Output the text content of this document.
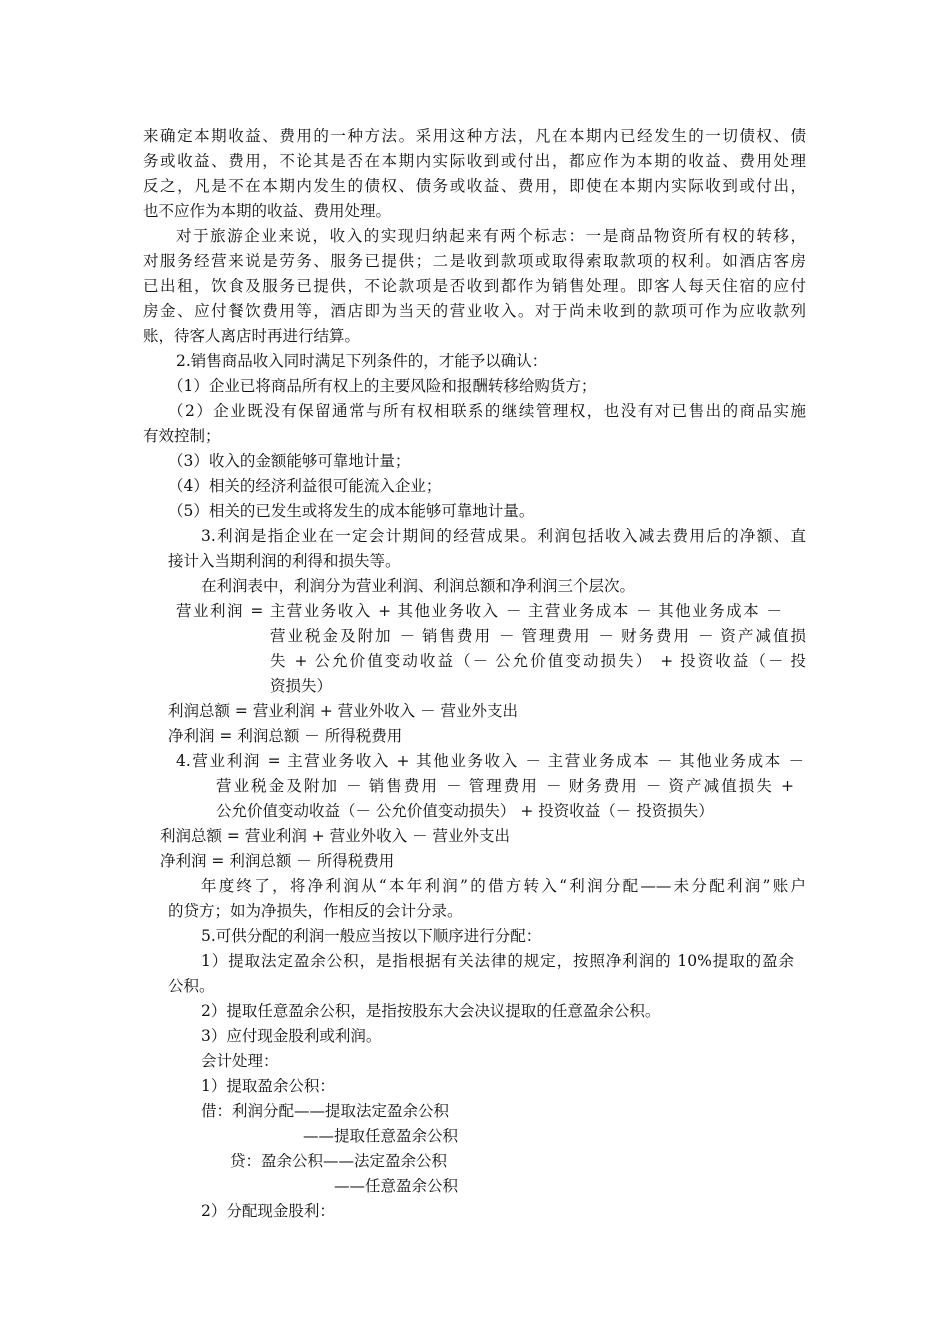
来确定本期收益、费用的一种方法。采用这种方法，凡在本期内已经发生的一切债权、债
务或收益、费用，不论其是否在本期内实际收到或付出，都应作为本期的收益、费用处理
反之，凡是不在本期内发生的债权、债务或收益、费用，即使在本期内实际收到或付出，
也不应作为本期的收益、费用处理。
对于旅游企业来说，收入的实现归纳起来有两个标志：一是商品物资所有权的转移，
对服务经营来说是劳务、服务已提供；二是收到款项或取得索取款项的权利。如酒店客房
已出租，饮食及服务已提供，不论款项是否收到都作为销售处理。即客人每天住宿的应付
房金、应付餐饮费用等，酒店即为当天的营业收入。对于尚未收到的款项可作为应收款列
账，待客人离店时再进行结算。
2.销售商品收入同时满足下列条件的，才能予以确认：
（1）企业已将商品所有权上的主要风险和报酬转移给购货方；
（2）企业既没有保留通常与所有权相联系的继续管理权，也没有对已售出的商品实施
有效控制；
（3）收入的金额能够可靠地计量；
（4）相关的经济利益很可能流入企业；
（5）相关的已发生或将发生的成本能够可靠地计量。
3.利润是指企业在一定会计期间的经营成果。利润包括收入减去费用后的净额、直
接计入当期利润的利得和损失等。
在利润表中，利润分为营业利润、利润总额和净利润三个层次。
营业利润 = 主营业务收入 + 其他业务收入 － 主营业务成本 － 其他业务成本 －
营业税金及附加 － 销售费用 － 管理费用 － 财务费用 － 资产减值损
失 + 公允价值变动收益（－ 公允价值变动损失） + 投资收益（－ 投
资损失）
利润总额 = 营业利润 + 营业外收入 － 营业外支出
净利润 = 利润总额 － 所得税费用
4.营业利润 = 主营业务收入 + 其他业务收入 － 主营业务成本 － 其他业务成本 －
营业税金及附加 － 销售费用 － 管理费用 － 财务费用 － 资产减值损失 +
公允价值变动收益（－ 公允价值变动损失） + 投资收益（－ 投资损失）
利润总额 = 营业利润 + 营业外收入 － 营业外支出
净利润 = 利润总额 － 所得税费用
年度终了，将净利润从“本年利润”的借方转入“利润分配——未分配利润”账户
的贷方；如为净损失，作相反的会计分录。
5.可供分配的利润一般应当按以下顺序进行分配：
1）提取法定盈余公积，是指根据有关法律的规定，按照净利润的 10%提取的盈余
公积。
2）提取任意盈余公积，是指按股东大会决议提取的任意盈余公积。
3）应付现金股利或利润。
会计处理：
1）提取盈余公积：
借：利润分配——提取法定盈余公积
——提取任意盈余公积
贷：盈余公积——法定盈余公积
——任意盈余公积
2）分配现金股利：
